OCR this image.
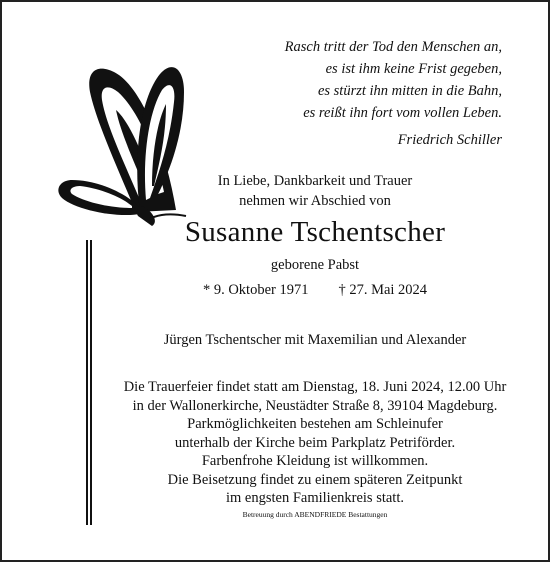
Rasch tritt der Tod den Menschen an,
es ist ihm keine Frist gegeben,
es stürzt ihn mitten in die Bahn,
es reißt ihn fort vom vollen Leben.
Friedrich Schiller
In Liebe, Dankbarkeit und Trauer
nehmen wir Abschied von
Susanne Tschentscher
geborene Pabst
* 9. Oktober 1971 † 27. Mai 2024
Jürgen Tschentscher mit Maxemilian und Alexander
Die Trauerfeier findet statt am Dienstag, 18. Juni 2024, 12.00 Uhr
in der Wallonerkirche, Neustädter Straße 8, 39104 Magdeburg.
Parkmöglichkeiten bestehen am Schleinufer
unterhalb der Kirche beim Parkplatz Petriförder.
Farbenfrohe Kleidung ist willkommen.
Die Beisetzung findet zu einem späteren Zeitpunkt
im engsten Familienkreis statt.
Betreuung durch ABENDFRIEDE Bestattungen
